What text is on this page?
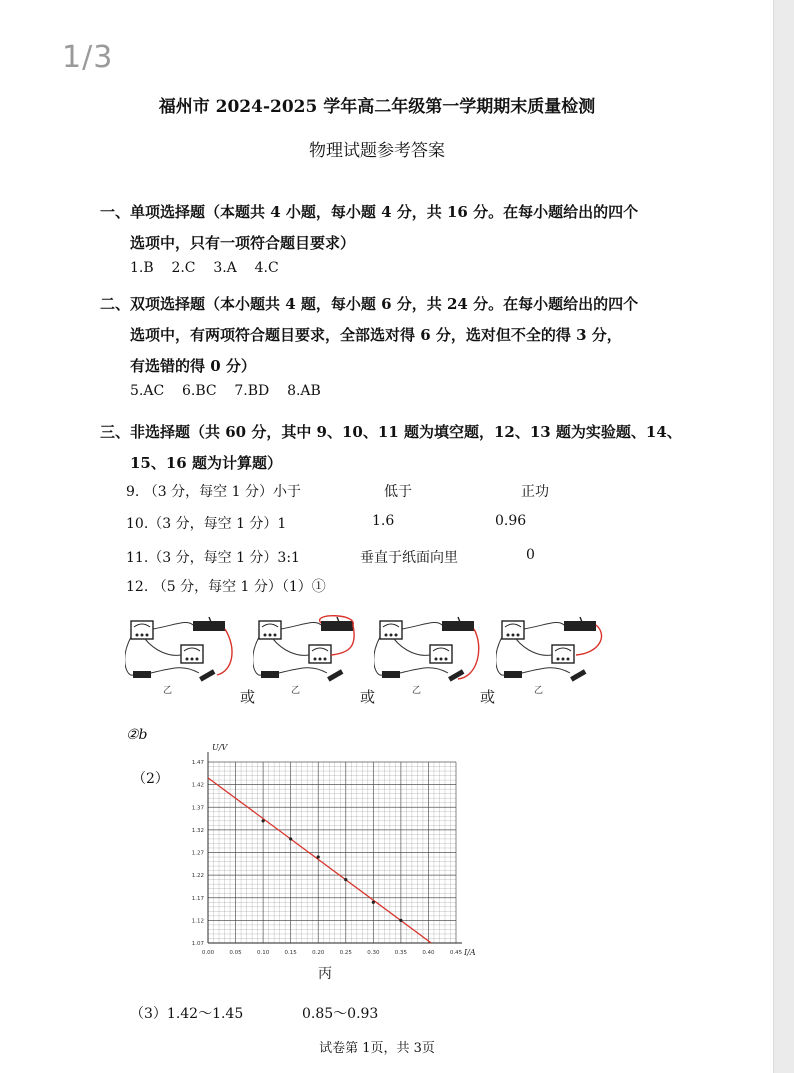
1/3
福州市 2024-2025 学年高二年级第一学期期末质量检测
物理试题参考答案
一、单项选择题（本题共 4 小题，每小题 4 分，共 16 分。在每小题给出的四个
选项中，只有一项符合题目要求）
1.B    2.C    3.A    4.C
二、双项选择题（本小题共 4 题，每小题 6 分，共 24 分。在每小题给出的四个
选项中，有两项符合题目要求，全部选对得 6 分，选对但不全的得 3 分，
有选错的得 0 分）
5.AC    6.BC    7.BD    8.AB
三、非选择题（共 60 分，其中 9、10、11 题为填空题，12、13 题为实验题、14、
15、16 题为计算题）
9. （3 分，每空 1 分）小于	低于	正功
10.（3 分，每空 1 分）1	1.6	0.96
11.（3 分，每空 1 分）3:1	垂直于纸面向里	0
12. （5 分，每空 1 分）（1）①
乙	乙	乙	乙
或	或	或
②b
（2）
0.00	0.05	0.10	0.15	0.20	0.25	0.30	0.35	0.40	0.45
1.07
1.12
1.17
1.22
1.27
1.32
1.37
1.42
1.47
U/V
I/A
丙
（3）1.42～1.45	0.85～0.93
试卷第 1页，共 3页
